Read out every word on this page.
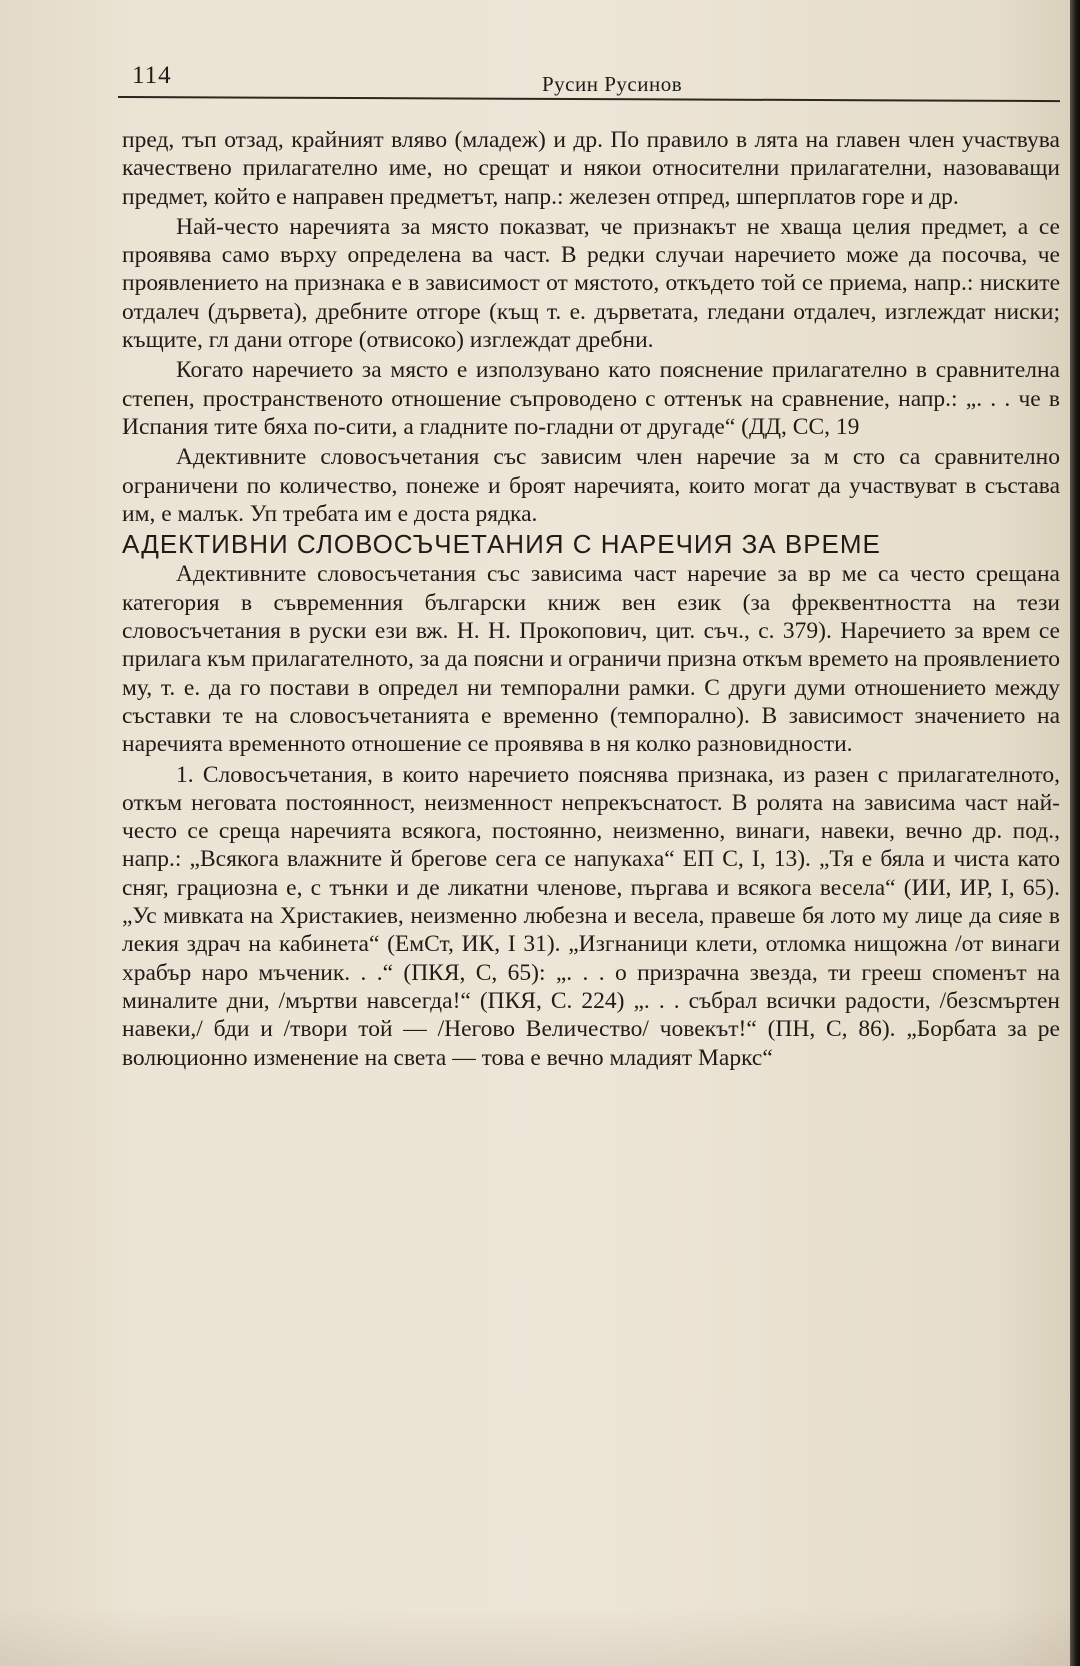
114	Русин Русинов

пред, тъп отзад, крайният вляво (младеж) и др. По правило в лята на главен член участвува качествено прилагателно име, но срещат и някои относителни прилагателни, назоваващи предмет, който е направен предметът, напр.: железен отпред, шперплатов горе и др.

Най-често наречията за място показват, че признакът не хваща целия предмет, а се проявява само върху определена ва част. В редки случаи наречието може да посочва, че проявлението на признака е в зависимост от мястото, откъдето той се приема, напр.: ниските отдалеч (дървета), дребните отгоре (къщ т. е. дърветата, гледани отдалеч, изглеждат ниски; къщите, гл дани отгоре (отвисоко) изглеждат дребни.

Когато наречието за място е използувано като пояснение прилагателно в сравнителна степен, пространственото отношение съпроводено с оттенък на сравнение, напр.: „. . . че в Испания тите бяха по-сити, а гладните по-гладни от другаде“ (ДД, СС, 19

Адективните словосъчетания със зависим член наречие за м сто са сравнително ограничени по количество, понеже и броят наречията, които могат да участвуват в състава им, е малък. Уп требата им е доста рядка.

АДЕКТИВНИ СЛОВОСЪЧЕТАНИЯ С НАРЕЧИЯ ЗА ВРЕМЕ

Адективните словосъчетания със зависима част наречие за вр ме са често срещана категория в съвременния български книж вен език (за фреквентността на тези словосъчетания в руски ези вж. Н. Н. Прокопович, цит. съч., с. 379). Наречието за врем се прилага към прилагателното, за да поясни и ограничи призна откъм времето на проявлението му, т. е. да го постави в определ ни темпорални рамки. С други думи отношението между съставки те на словосъчетанията е временно (темпорално). В зависимост значението на наречията временното отношение се проявява в ня колко разновидности.

1. Словосъчетания, в които наречието пояснява признака, из разен с прилагателното, откъм неговата постоянност, неизменност непрекъснатост. В ролята на зависима част най-често се среща наречията всякога, постоянно, неизменно, винаги, навеки, вечно др. под., напр.: „Всякога влажните й брегове сега се напукаха“ ЕП С, I, 13). „Тя е бяла и чиста като сняг, грациозна е, с тънки и де ликатни членове, пъргава и всякога весела“ (ИИ, ИР, I, 65). „Ус мивката на Христакиев, неизменно любезна и весела, правеше бя лото му лице да сияе в лекия здрач на кабинета“ (ЕмСт, ИК, I 31). „Изгнаници клети, отломка нищожна /от винаги храбър наро мъченик. . .“ (ПКЯ, С, 65): „. . . о призрачна звезда, ти грееш споменът на миналите дни, /мъртви навсегда!“ (ПКЯ, С. 224) „. . . събрал всички радости, /безсмъртен навеки,/ бди и /твори той — /Негово Величество/ човекът!“ (ПН, С, 86). „Борбата за ре волюционно изменение на света — това е вечно младият Маркс“
